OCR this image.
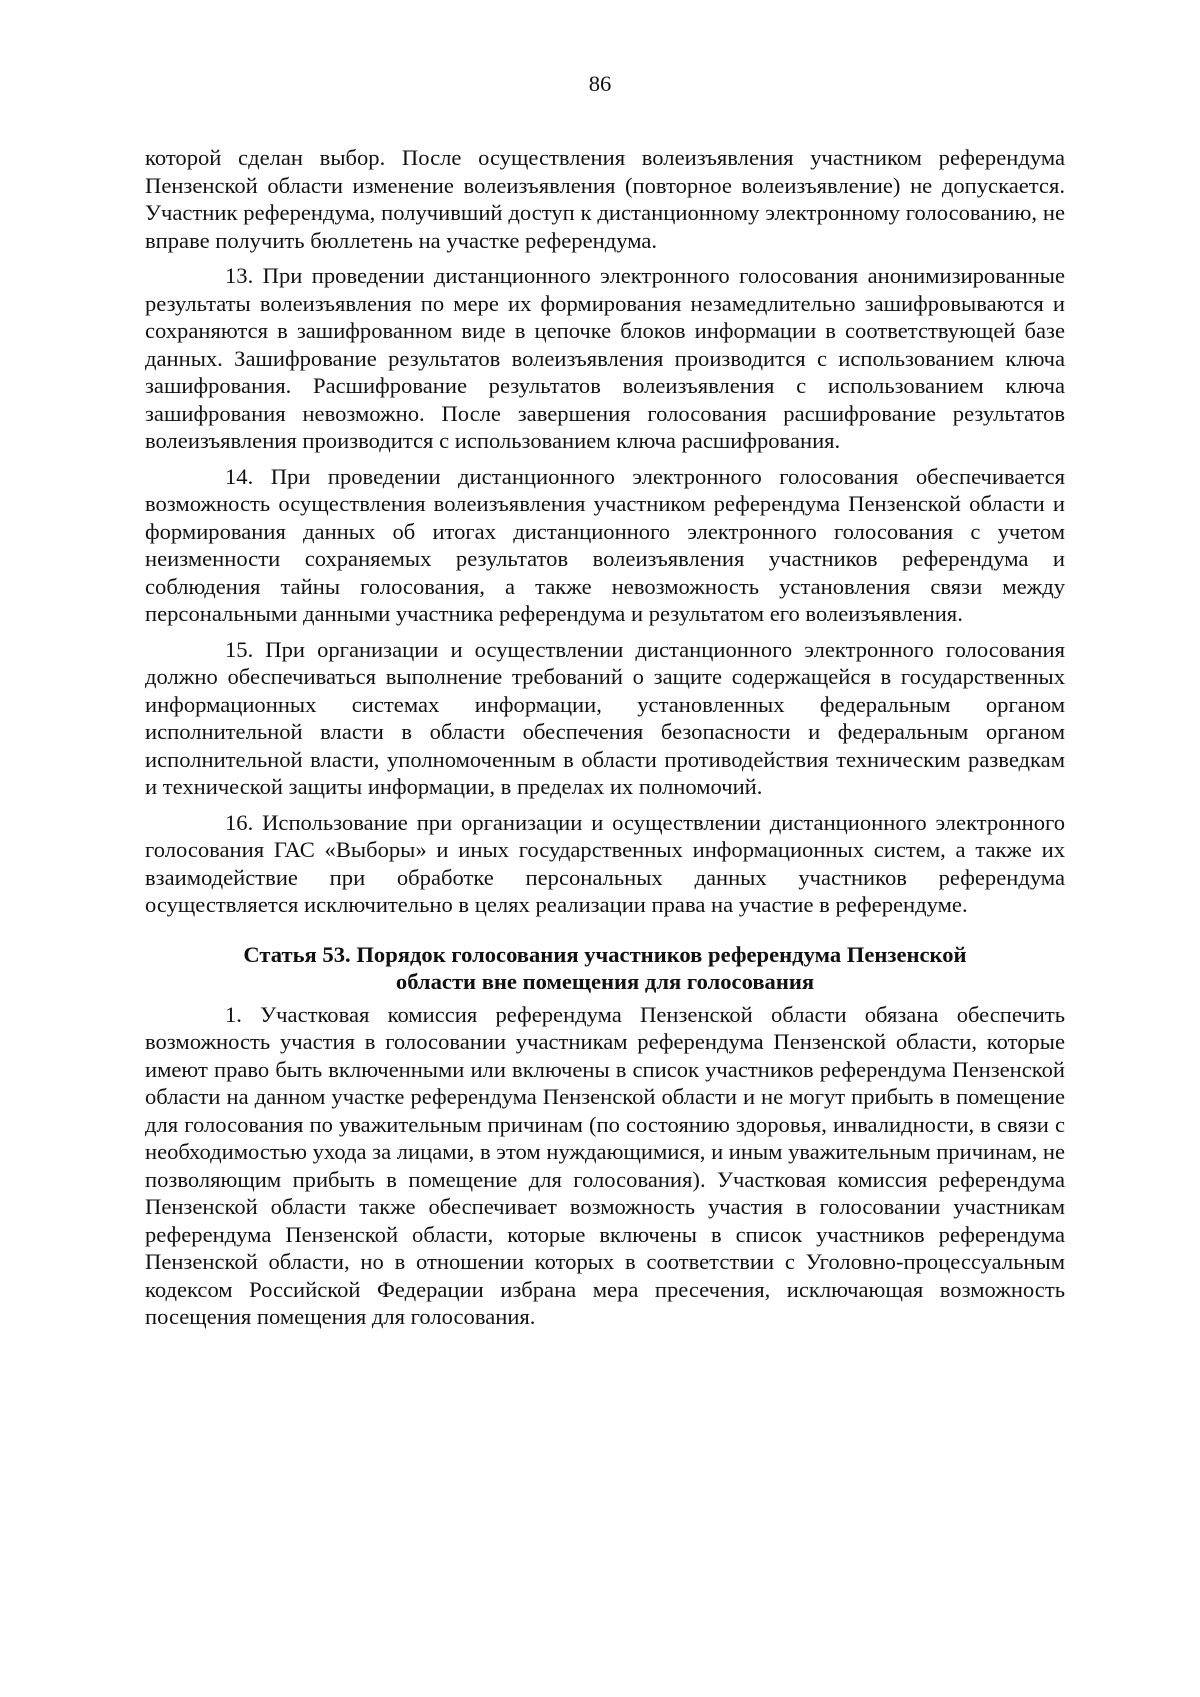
86

которой сделан выбор. После осуществления волеизъявления участником референдума Пензенской области изменение волеизъявления (повторное волеизъявление) не допускается. Участник референдума, получивший доступ к дистанционному электронному голосованию, не вправе получить бюллетень на участке референдума.

13. При проведении дистанционного электронного голосования анонимизированные результаты волеизъявления по мере их формирования незамедлительно зашифровываются и сохраняются в зашифрованном виде в цепочке блоков информации в соответствующей базе данных. Зашифрование результатов волеизъявления производится с использованием ключа зашифрования. Расшифрование результатов волеизъявления с использованием ключа зашифрования невозможно. После завершения голосования расшифрование результатов волеизъявления производится с использованием ключа расшифрования.

14. При проведении дистанционного электронного голосования обеспечивается возможность осуществления волеизъявления участником референдума Пензенской области и формирования данных об итогах дистанционного электронного голосования с учетом неизменности сохраняемых результатов волеизъявления участников референдума и соблюдения тайны голосования, а также невозможность установления связи между персональными данными участника референдума и результатом его волеизъявления.

15. При организации и осуществлении дистанционного электронного голосования должно обеспечиваться выполнение требований о защите содержащейся в государственных информационных системах информации, установленных федеральным органом исполнительной власти в области обеспечения безопасности и федеральным органом исполнительной власти, уполномоченным в области противодействия техническим разведкам и технической защиты информации, в пределах их полномочий.

16. Использование при организации и осуществлении дистанционного электронного голосования ГАС «Выборы» и иных государственных информационных систем, а также их взаимодействие при обработке персональных данных участников референдума осуществляется исключительно в целях реализации права на участие в референдуме.

Статья 53. Порядок голосования участников референдума Пензенской
области вне помещения для голосования

1. Участковая комиссия референдума Пензенской области обязана обеспечить возможность участия в голосовании участникам референдума Пензенской области, которые имеют право быть включенными или включены в список участников референдума Пензенской области на данном участке референдума Пензенской области и не могут прибыть в помещение для голосования по уважительным причинам (по состоянию здоровья, инвалидности, в связи с необходимостью ухода за лицами, в этом нуждающимися, и иным уважительным причинам, не позволяющим прибыть в помещение для голосования). Участковая комиссия референдума Пензенской области также обеспечивает возможность участия в голосовании участникам референдума Пензенской области, которые включены в список участников референдума Пензенской области, но в отношении которых в соответствии с Уголовно-процессуальным кодексом Российской Федерации избрана мера пресечения, исключающая возможность посещения помещения для голосования.
